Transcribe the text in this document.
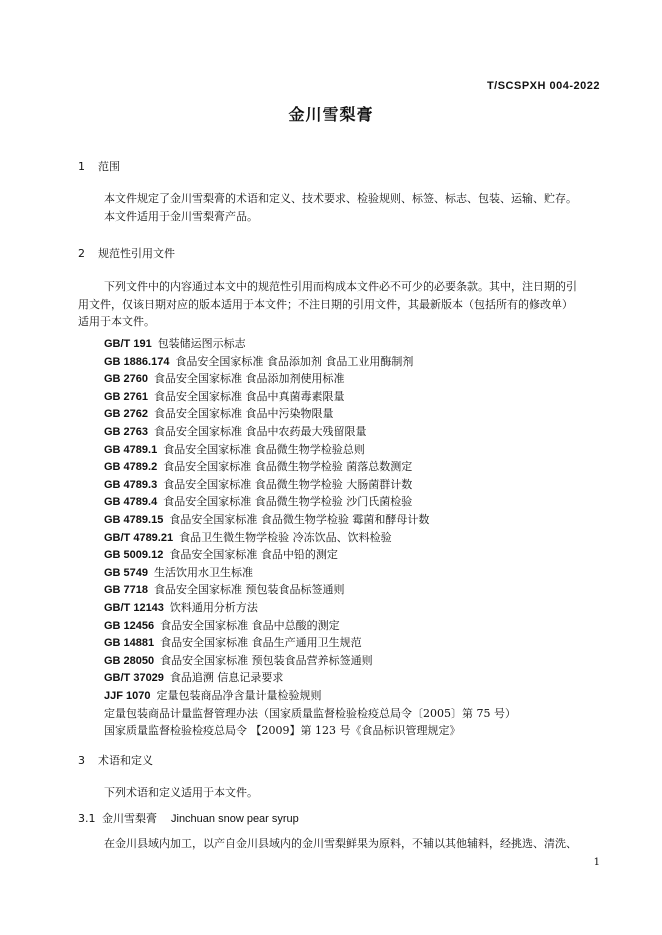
T/SCSPXH 004-2022
金川雪梨膏
1 范围
本文件规定了金川雪梨膏的术语和定义、技术要求、检验规则、标签、标志、包装、运输、贮存。
本文件适用于金川雪梨膏产品。
2 规范性引用文件
下列文件中的内容通过本文中的规范性引用而构成本文件必不可少的必要条款。其中，注日期的引
用文件，仅该日期对应的版本适用于本文件；不注日期的引用文件，其最新版本（包括所有的修改单）
适用于本文件。
GB/T 191 包装储运图示标志
GB 1886.174 食品安全国家标准 食品添加剂 食品工业用酶制剂
GB 2760 食品安全国家标准 食品添加剂使用标准
GB 2761 食品安全国家标准 食品中真菌毒素限量
GB 2762 食品安全国家标准 食品中污染物限量
GB 2763 食品安全国家标准 食品中农药最大残留限量
GB 4789.1 食品安全国家标准 食品微生物学检验总则
GB 4789.2 食品安全国家标准 食品微生物学检验 菌落总数测定
GB 4789.3 食品安全国家标准 食品微生物学检验 大肠菌群计数
GB 4789.4 食品安全国家标准 食品微生物学检验 沙门氏菌检验
GB 4789.15 食品安全国家标准 食品微生物学检验 霉菌和酵母计数
GB/T 4789.21 食品卫生微生物学检验 冷冻饮品、饮料检验
GB 5009.12 食品安全国家标准 食品中铅的测定
GB 5749 生活饮用水卫生标准
GB 7718 食品安全国家标准 预包装食品标签通则
GB/T 12143 饮料通用分析方法
GB 12456 食品安全国家标准 食品中总酸的测定
GB 14881 食品安全国家标准 食品生产通用卫生规范
GB 28050 食品安全国家标准 预包装食品营养标签通则
GB/T 37029 食品追溯 信息记录要求
JJF 1070 定量包装商品净含量计量检验规则
定量包装商品计量监督管理办法（国家质量监督检验检疫总局令〔2005〕第 75 号）
国家质量监督检验检疫总局令 【2009】第 123 号《食品标识管理规定》
3 术语和定义
下列术语和定义适用于本文件。
3.1 金川雪梨膏 Jinchuan snow pear syrup
在金川县域内加工，以产自金川县域内的金川雪梨鲜果为原料，不辅以其他辅料，经挑选、清洗、
1
